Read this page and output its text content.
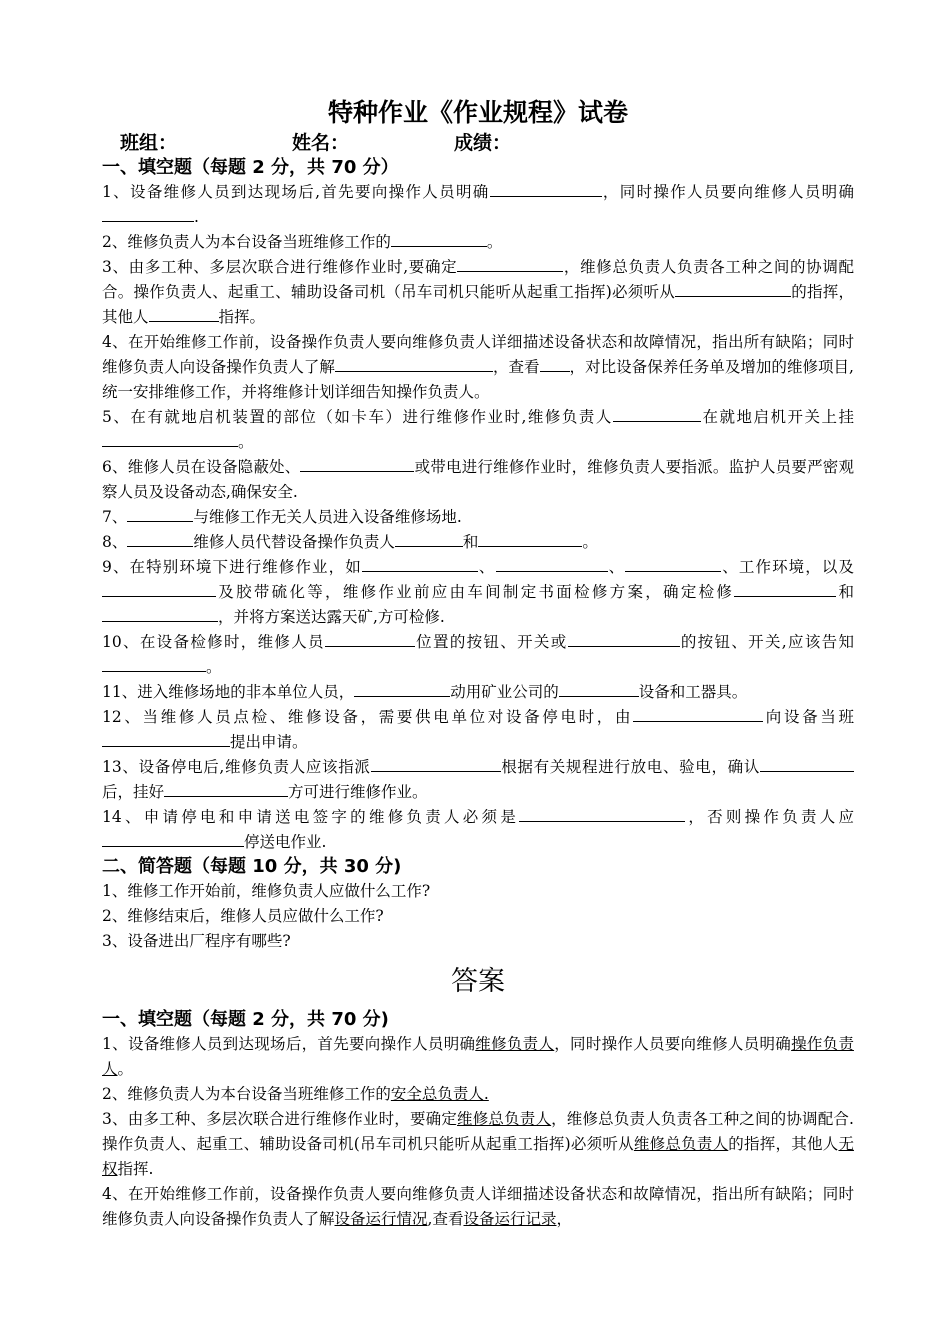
特种作业《作业规程》试卷
班组：	姓名：	成绩：
一、填空题（每题 2 分，共 70 分）
1、设备维修人员到达现场后,首先要向操作人员明确	，同时操作人员要向维修人员明确.
2、维修负责人为本台设备当班维修工作的	。
3、由多工种、多层次联合进行维修作业时,要确定	，维修总负责人负责各工种之间的协调配合。操作负责人、起重工、辅助设备司机（吊车司机只能听从起重工指挥)必须听从	的指挥，其他人	指挥。
4、在开始维修工作前，设备操作负责人要向维修负责人详细描述设备状态和故障情况，指出所有缺陷；同时维修负责人向设备操作负责人了解	，查看 ，对比设备保养任务单及增加的维修项目,统一安排维修工作，并将维修计划详细告知操作负责人。
5、在有就地启机装置的部位（如卡车）进行维修作业时,维修负责人	在就地启机开关上挂。
6、维修人员在设备隐蔽处、	或带电进行维修作业时，维修负责人要指派。监护人员要严密观察人员及设备动态,确保安全.
7、	与维修工作无关人员进入设备维修场地.
8、	维修人员代替设备操作负责人	和	。
9、在特别环境下进行维修作业，如	、	、	、工作环境，以及及胶带硫化等，维修作业前应由车间制定书面检修方案，确定检修	和，并将方案送达露天矿,方可检修.
10、在设备检修时，维修人员	位置的按钮、开关或	的按钮、开关,应该告知。
11、进入维修场地的非本单位人员，	动用矿业公司的	设备和工器具。
12、当维修人员点检、维修设备，需要供电单位对设备停电时，由	向设备当班提出申请。
13、设备停电后,维修负责人应该指派	根据有关规程进行放电、验电，确认后，挂好	方可进行维修作业。
14、申请停电和申请送电签字的维修负责人必须是	，否则操作负责人应停送电作业.
二、简答题（每题 10 分，共 30 分)
1、维修工作开始前，维修负责人应做什么工作?
2、维修结束后，维修人员应做什么工作?
3、设备进出厂程序有哪些?
答案
一、填空题（每题 2 分，共 70 分)
1、设备维修人员到达现场后，首先要向操作人员明确维修负责人，同时操作人员要向维修人员明确操作负责人。
2、维修负责人为本台设备当班维修工作的安全总负责人.
3、由多工种、多层次联合进行维修作业时，要确定维修总负责人，维修总负责人负责各工种之间的协调配合.操作负责人、起重工、辅助设备司机(吊车司机只能听从起重工指挥)必须听从维修总负责人的指挥，其他人无权指挥.
4、在开始维修工作前，设备操作负责人要向维修负责人详细描述设备状态和故障情况，指出所有缺陷；同时维修负责人向设备操作负责人了解设备运行情况,查看设备运行记录，
